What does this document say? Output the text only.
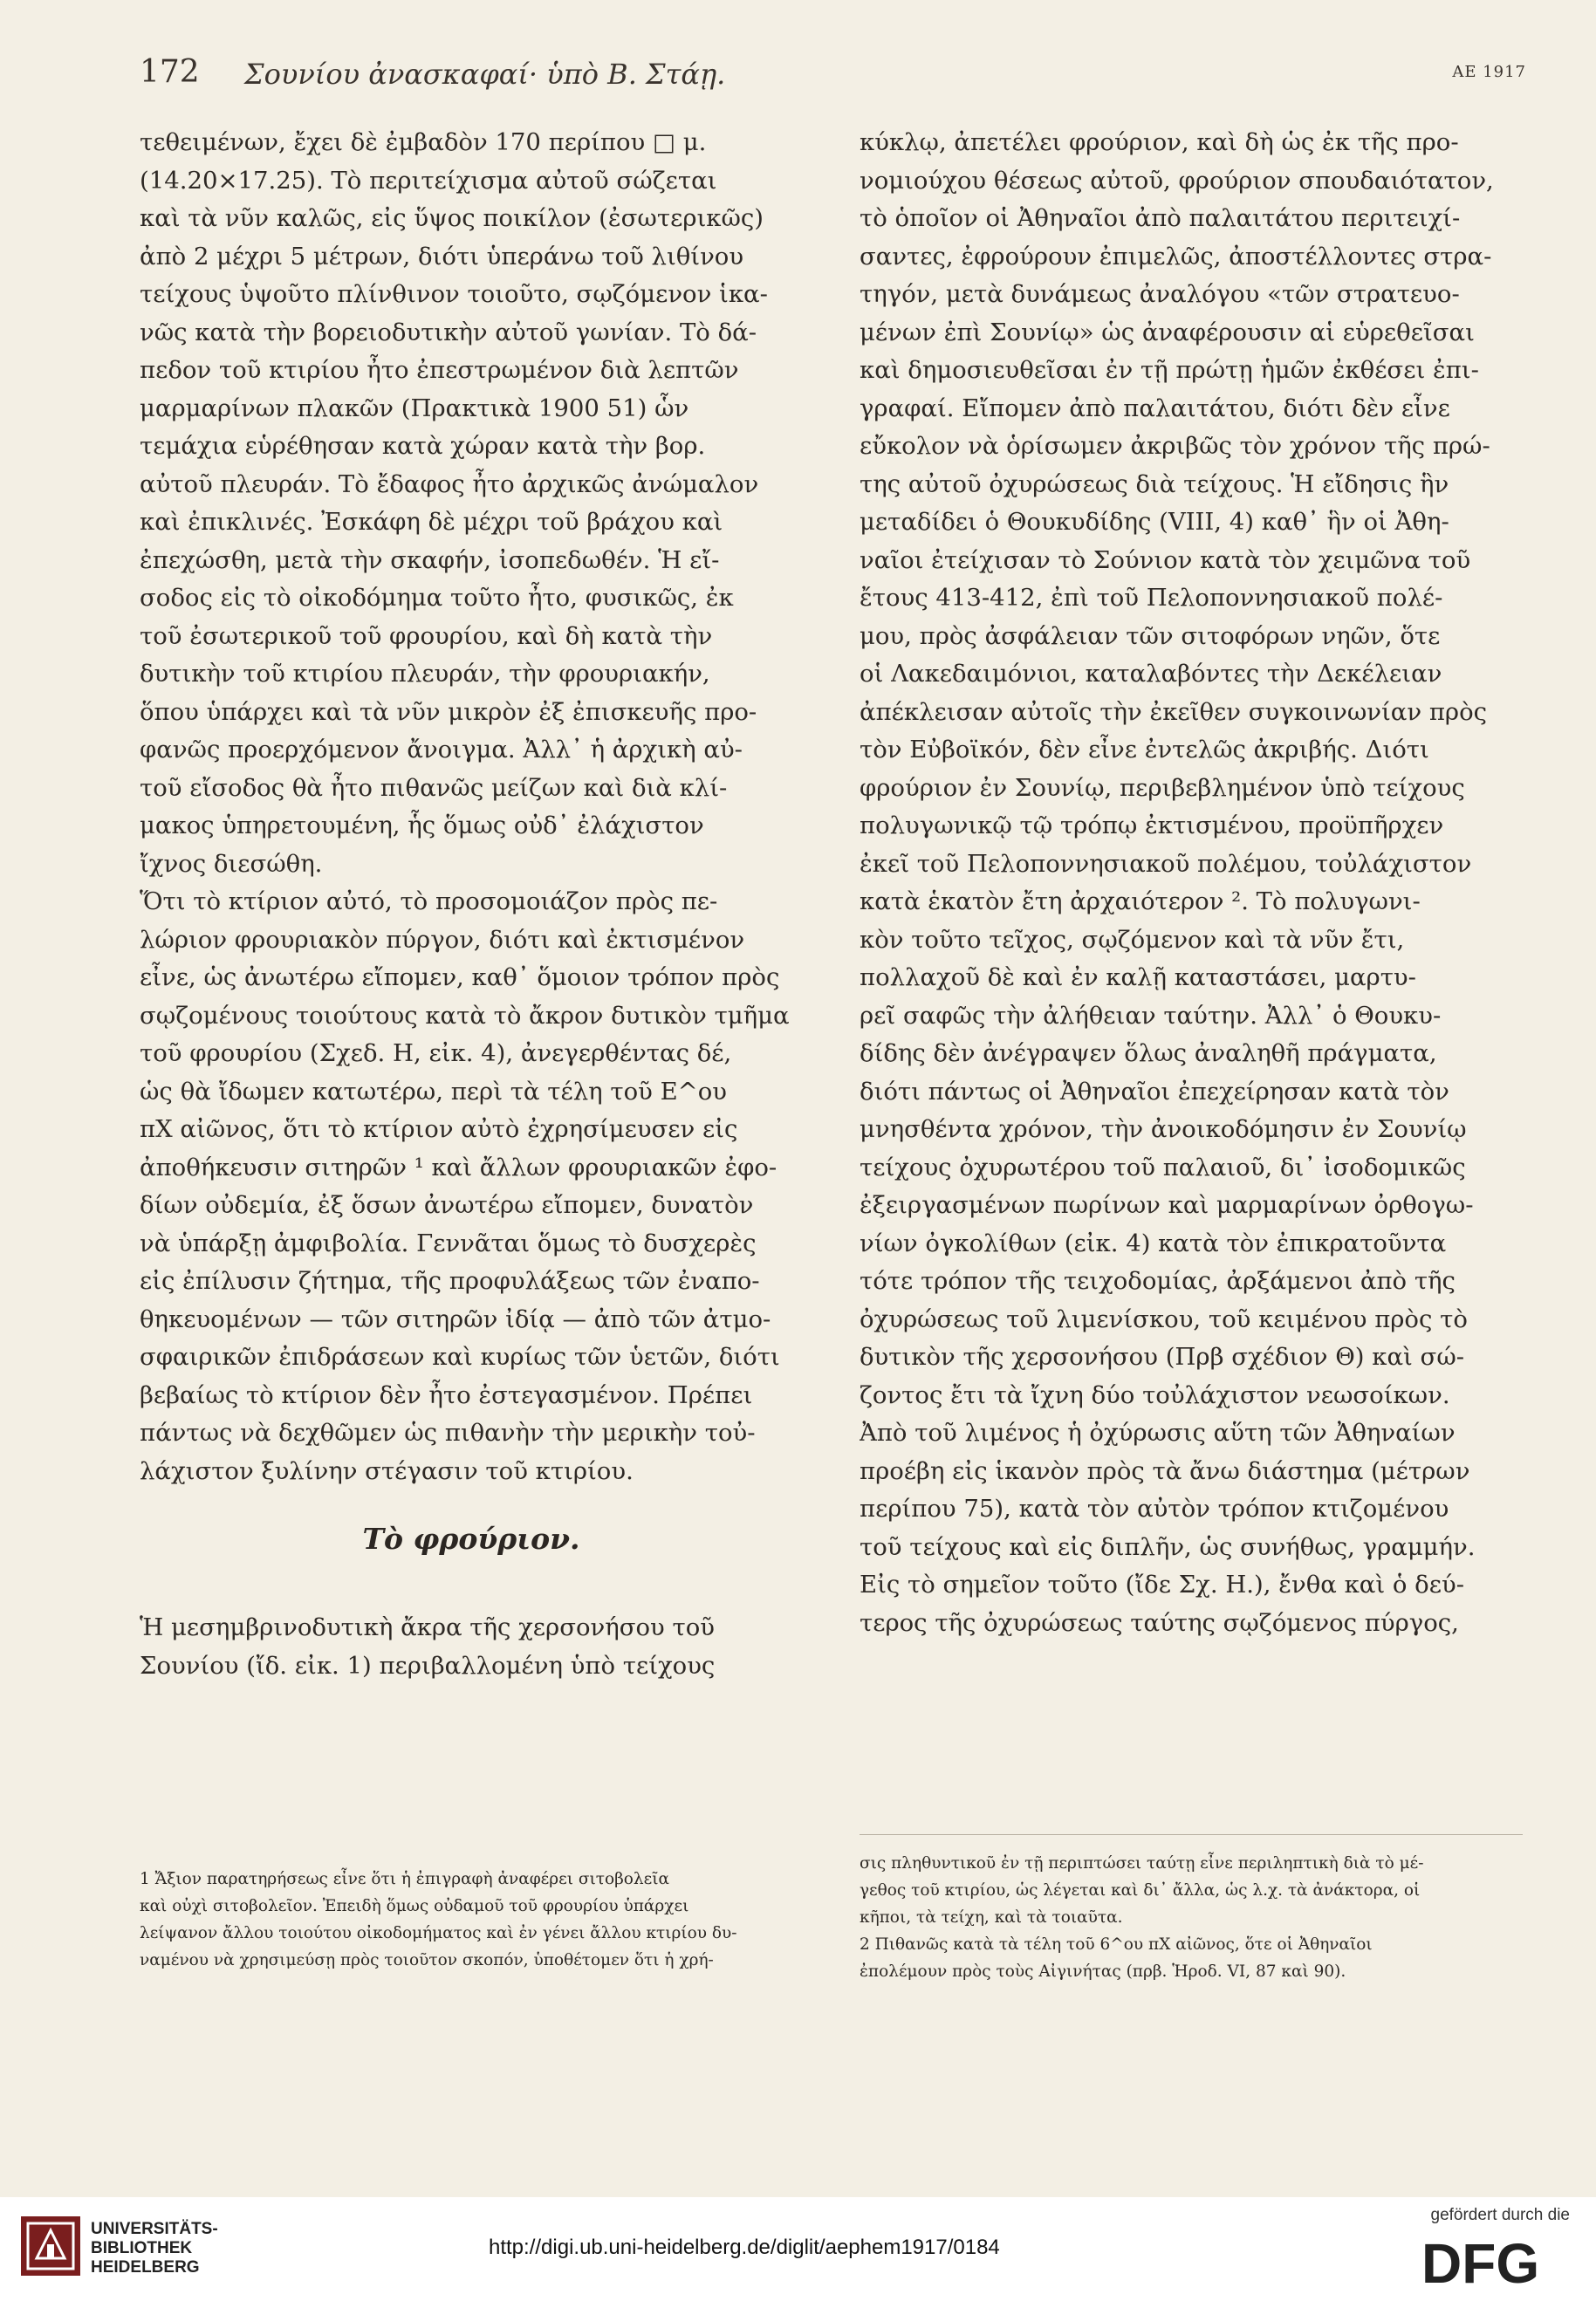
172 Σουνίου ἀνασκαφαί· ὑπὸ Β. Στάῃ.	ΑΕ 1917
τεθειμένων, ἔχει δὲ ἐμβαδὸν 170 περίπου □ μ.
(14.20×17.25). Τὸ περιτείχισμα αὐτοῦ σώζεται
καὶ τὰ νῦν καλῶς, εἰς ὕψος ποικίλον (ἐσωτερικῶς)
ἀπὸ 2 μέχρι 5 μέτρων, διότι ὑπεράνω τοῦ λιθίνου
τείχους ὑψοῦτο πλίνθινον τοιοῦτο, σῳζόμενον ἱκα-
νῶς κατὰ τὴν βορειοδυτικὴν αὐτοῦ γωνίαν. Τὸ δά-
πεδον τοῦ κτιρίου ἦτο ἐπεστρωμένον διὰ λεπτῶν
μαρμαρίνων πλακῶν (Πρακτικὰ 1900 51) ὧν
τεμάχια εὑρέθησαν κατὰ χώραν κατὰ τὴν βορ.
αὐτοῦ πλευράν. Τὸ ἔδαφος ἦτο ἀρχικῶς ἀνώμαλον
καὶ ἐπικλινές. Ἐσκάφη δὲ μέχρι τοῦ βράχου καὶ
ἐπεχώσθη, μετὰ τὴν σκαφήν, ἰσοπεδωθέν. Ἡ εἴ-
σοδος εἰς τὸ οἰκοδόμημα τοῦτο ἦτο, φυσικῶς, ἐκ
τοῦ ἐσωτερικοῦ τοῦ φρουρίου, καὶ δὴ κατὰ τὴν
δυτικὴν τοῦ κτιρίου πλευράν, τὴν φρουριακήν,
ὅπου ὑπάρχει καὶ τὰ νῦν μικρὸν ἐξ ἐπισκευῆς προ-
φανῶς προερχόμενον ἄνοιγμα. Ἀλλ᾽ ἡ ἀρχικὴ αὐ-
τοῦ εἴσοδος θὰ ἦτο πιθανῶς μείζων καὶ διὰ κλί-
μακος ὑπηρετουμένη, ἧς ὅμως οὐδ᾽ ἐλάχιστον
ἴχνος διεσώθη.
Ὅτι τὸ κτίριον αὐτό, τὸ προσομοιάζον πρὸς πε-
λώριον φρουριακὸν πύργον, διότι καὶ ἐκτισμένον
εἶνε, ὡς ἀνωτέρω εἴπομεν, καθ᾽ ὅμοιον τρόπον πρὸς
σῳζομένους τοιούτους κατὰ τὸ ἄκρον δυτικὸν τμῆμα
τοῦ φρουρίου (Σχεδ. Η, εἰκ. 4), ἀνεγερθέντας δέ,
ὡς θὰ ἴδωμεν κατωτέρω, περὶ τὰ τέλη τοῦ Ε^ου
πΧ αἰῶνος, ὅτι τὸ κτίριον αὐτὸ ἐχρησίμευσεν εἰς
ἀποθήκευσιν σιτηρῶν ¹ καὶ ἄλλων φρουριακῶν ἐφο-
δίων οὐδεμία, ἐξ ὅσων ἀνωτέρω εἴπομεν, δυνατὸν
νὰ ὑπάρξῃ ἀμφιβολία. Γεννᾶται ὅμως τὸ δυσχερὲς
εἰς ἐπίλυσιν ζήτημα, τῆς προφυλάξεως τῶν ἐναπο-
θηκευομένων — τῶν σιτηρῶν ἰδίᾳ — ἀπὸ τῶν ἀτμο-
σφαιρικῶν ἐπιδράσεων καὶ κυρίως τῶν ὑετῶν, διότι
βεβαίως τὸ κτίριον δὲν ἦτο ἐστεγασμένον. Πρέπει
πάντως νὰ δεχθῶμεν ὡς πιθανὴν τὴν μερικὴν τοὐ-
λάχιστον ξυλίνην στέγασιν τοῦ κτιρίου.
Τὸ φρούριον.
Ἡ μεσημβρινοδυτικὴ ἄκρα τῆς χερσονήσου τοῦ
Σουνίου (ἴδ. εἰκ. 1) περιβαλλομένη ὑπὸ τείχους
κύκλῳ, ἀπετέλει φρούριον, καὶ δὴ ὡς ἐκ τῆς προ-
νομιούχου θέσεως αὐτοῦ, φρούριον σπουδαιότατον,
τὸ ὁποῖον οἱ Ἀθηναῖοι ἀπὸ παλαιτάτου περιτειχί-
σαντες, ἐφρούρουν ἐπιμελῶς, ἀποστέλλοντες στρα-
τηγόν, μετὰ δυνάμεως ἀναλόγου «τῶν στρατευο-
μένων ἐπὶ Σουνίῳ» ὡς ἀναφέρουσιν αἱ εὑρεθεῖσαι
καὶ δημοσιευθεῖσαι ἐν τῇ πρώτῃ ἡμῶν ἐκθέσει ἐπι-
γραφαί. Εἴπομεν ἀπὸ παλαιτάτου, διότι δὲν εἶνε
εὔκολον νὰ ὁρίσωμεν ἀκριβῶς τὸν χρόνον τῆς πρώ-
της αὐτοῦ ὀχυρώσεως διὰ τείχους. Ἡ εἴδησις ἣν
μεταδίδει ὁ Θουκυδίδης (VIII, 4) καθ᾽ ἣν οἱ Ἀθη-
ναῖοι ἐτείχισαν τὸ Σούνιον κατὰ τὸν χειμῶνα τοῦ
ἔτους 413-412, ἐπὶ τοῦ Πελοποννησιακοῦ πολέ-
μου, πρὸς ἀσφάλειαν τῶν σιτοφόρων νηῶν, ὅτε
οἱ Λακεδαιμόνιοι, καταλαβόντες τὴν Δεκέλειαν
ἀπέκλεισαν αὐτοῖς τὴν ἐκεῖθεν συγκοινωνίαν πρὸς
τὸν Εὐβοϊκόν, δὲν εἶνε ἐντελῶς ἀκριβής. Διότι
φρούριον ἐν Σουνίῳ, περιβεβλημένον ὑπὸ τείχους
πολυγωνικῷ τῷ τρόπῳ ἐκτισμένου, προϋπῆρχεν
ἐκεῖ τοῦ Πελοποννησιακοῦ πολέμου, τοὐλάχιστον
κατὰ ἑκατὸν ἔτη ἀρχαιότερον ². Τὸ πολυγωνι-
κὸν τοῦτο τεῖχος, σῳζόμενον καὶ τὰ νῦν ἔτι,
πολλαχοῦ δὲ καὶ ἐν καλῇ καταστάσει, μαρτυ-
ρεῖ σαφῶς τὴν ἀλήθειαν ταύτην. Ἀλλ᾽ ὁ Θουκυ-
δίδης δὲν ἀνέγραψεν ὅλως ἀναληθῆ πράγματα,
διότι πάντως οἱ Ἀθηναῖοι ἐπεχείρησαν κατὰ τὸν
μνησθέντα χρόνον, τὴν ἀνοικοδόμησιν ἐν Σουνίῳ
τείχους ὀχυρωτέρου τοῦ παλαιοῦ, δι᾽ ἰσοδομικῶς
ἐξειργασμένων πωρίνων καὶ μαρμαρίνων ὀρθογω-
νίων ὀγκολίθων (εἰκ. 4) κατὰ τὸν ἐπικρατοῦντα
τότε τρόπον τῆς τειχοδομίας, ἀρξάμενοι ἀπὸ τῆς
ὀχυρώσεως τοῦ λιμενίσκου, τοῦ κειμένου πρὸς τὸ
δυτικὸν τῆς χερσονήσου (Πρβ σχέδιον Θ) καὶ σώ-
ζοντος ἔτι τὰ ἴχνη δύο τοὐλάχιστον νεωσοίκων.
Ἀπὸ τοῦ λιμένος ἡ ὀχύρωσις αὕτη τῶν Ἀθηναίων
προέβη εἰς ἱκανὸν πρὸς τὰ ἄνω διάστημα (μέτρων
περίπου 75), κατὰ τὸν αὐτὸν τρόπον κτιζομένου
τοῦ τείχους καὶ εἰς διπλῆν, ὡς συνήθως, γραμμήν.
Εἰς τὸ σημεῖον τοῦτο (ἴδε Σχ. Η.), ἔνθα καὶ ὁ δεύ-
τερος τῆς ὀχυρώσεως ταύτης σῳζόμενος πύργος,
1 Ἄξιον παρατηρήσεως εἶνε ὅτι ἡ ἐπιγραφὴ ἀναφέρει σιτοβολεῖα
καὶ οὐχὶ σιτοβολεῖον. Ἐπειδὴ ὅμως οὐδαμοῦ τοῦ φρουρίου ὑπάρχει
λείψανον ἄλλου τοιούτου οἰκοδομήματος καὶ ἐν γένει ἄλλου κτιρίου δυ-
ναμένου νὰ χρησιμεύσῃ πρὸς τοιοῦτον σκοπόν, ὑποθέτομεν ὅτι ἡ χρή-
σις πληθυντικοῦ ἐν τῇ περιπτώσει ταύτῃ εἶνε περιληπτικὴ διὰ τὸ μέ-
γεθος τοῦ κτιρίου, ὡς λέγεται καὶ δι᾽ ἄλλα, ὡς λ.χ. τὰ ἀνάκτορα, οἱ
κῆποι, τὰ τείχη, καὶ τὰ τοιαῦτα.
2 Πιθανῶς κατὰ τὰ τέλη τοῦ 6^ου πΧ αἰῶνος, ὅτε οἱ Ἀθηναῖοι
ἐπολέμουν πρὸς τοὺς Αἰγινήτας (πρβ. Ἡροδ. VI, 87 καὶ 90).
UNIVERSITÄTS-
BIBLIOTHEK
HEIDELBERG
http://digi.ub.uni-heidelberg.de/diglit/aephem1917/0184
gefördert durch die
DFG
